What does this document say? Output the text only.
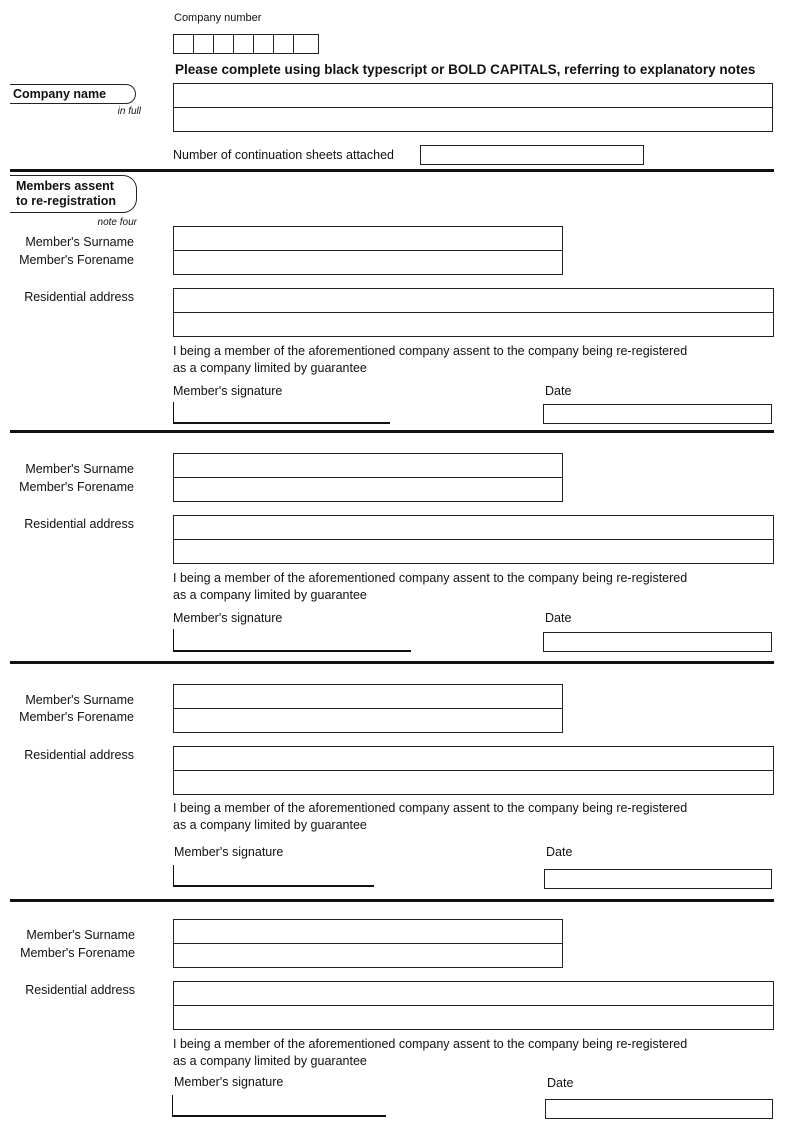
Company number
Please complete using black typescript or BOLD CAPITALS, referring to explanatory notes
Company name
in full
Number of continuation sheets attached
Members assent
to re-registration
note four
Member's Surname
Member's Forename
Residential address
I being a member of the aforementioned company assent to the company being re-registered
as a company limited by guarantee
Member's signature	Date
Member's Surname
Member's Forename
Residential address
I being a member of the aforementioned company assent to the company being re-registered
as a company limited by guarantee
Member's signature	Date
Member's Surname
Member's Forename
Residential address
I being a member of the aforementioned company assent to the company being re-registered
as a company limited by guarantee
Member's signature	Date
Member's Surname
Member's Forename
Residential address
I being a member of the aforementioned company assent to the company being re-registered
as a company limited by guarantee
Member's signature	Date
